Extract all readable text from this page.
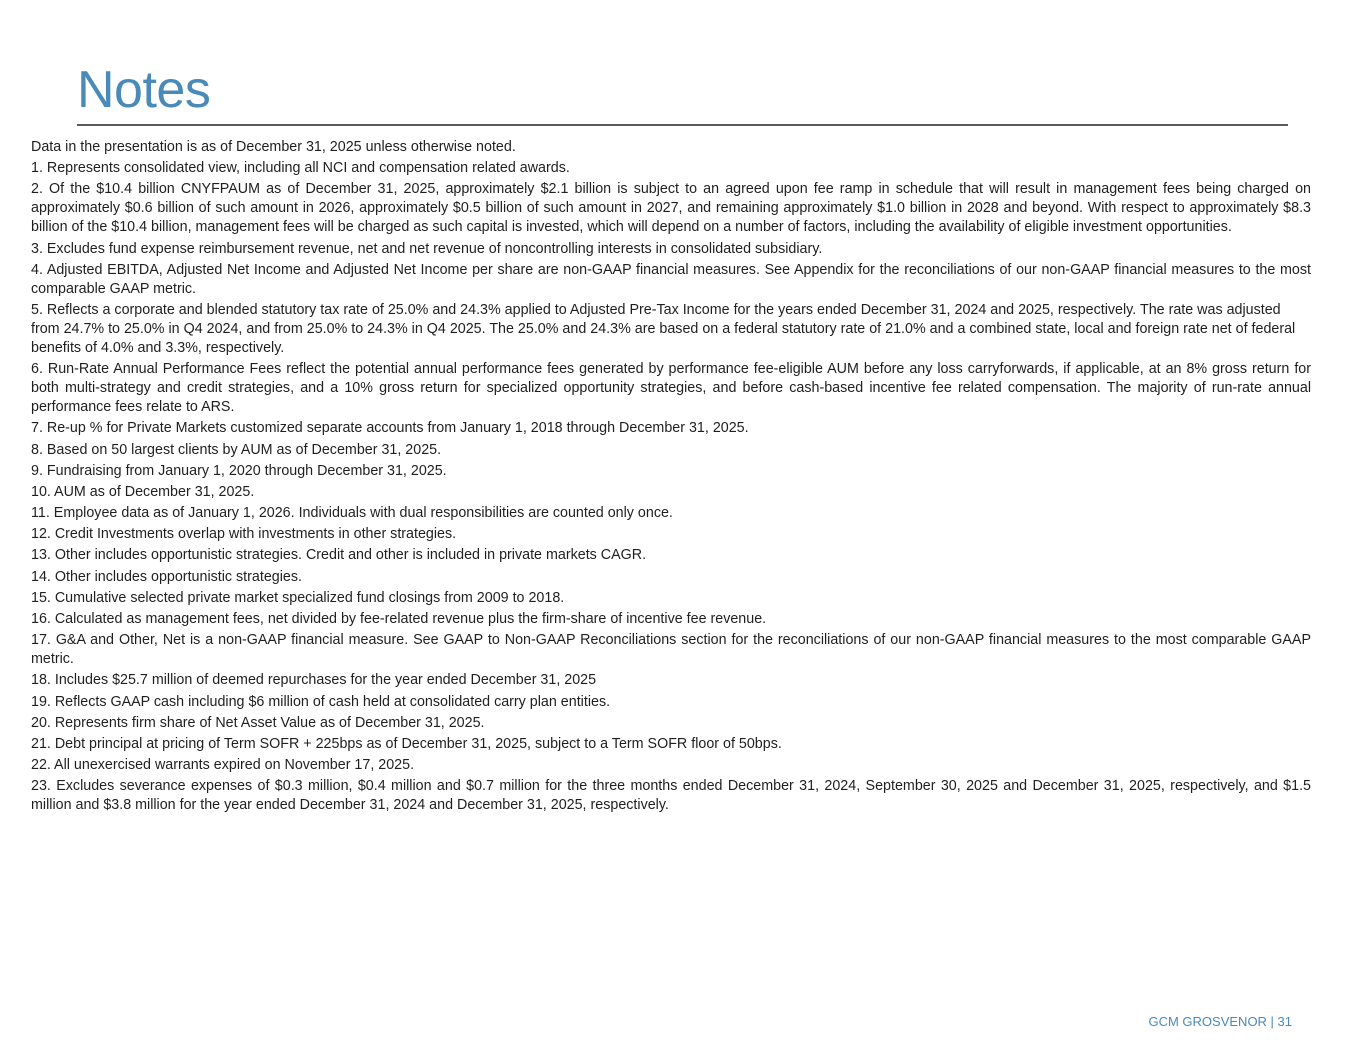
Notes

Data in the presentation is as of December 31, 2025 unless otherwise noted.

1. Represents consolidated view, including all NCI and compensation related awards.

2. Of the $10.4 billion CNYFPAUM as of December 31, 2025, approximately $2.1 billion is subject to an agreed upon fee ramp in schedule that will result in management fees being charged on approximately $0.6 billion of such amount in 2026, approximately $0.5 billion of such amount in 2027, and remaining approximately $1.0 billion in 2028 and beyond. With respect to approximately $8.3 billion of the $10.4 billion, management fees will be charged as such capital is invested, which will depend on a number of factors, including the availability of eligible investment opportunities.

3. Excludes fund expense reimbursement revenue, net and net revenue of noncontrolling interests in consolidated subsidiary.

4. Adjusted EBITDA, Adjusted Net Income and Adjusted Net Income per share are non-GAAP financial measures. See Appendix for the reconciliations of our non-GAAP financial measures to the most comparable GAAP metric.

5. Reflects a corporate and blended statutory tax rate of 25.0% and 24.3% applied to Adjusted Pre-Tax Income for the years ended December 31, 2024 and 2025, respectively. The rate was adjusted from 24.7% to 25.0% in Q4 2024, and from 25.0% to 24.3% in Q4 2025. The 25.0% and 24.3% are based on a federal statutory rate of 21.0% and a combined state, local and foreign rate net of federal benefits of 4.0% and 3.3%, respectively.

6. Run-Rate Annual Performance Fees reflect the potential annual performance fees generated by performance fee-eligible AUM before any loss carryforwards, if applicable, at an 8% gross return for both multi-strategy and credit strategies, and a 10% gross return for specialized opportunity strategies, and before cash-based incentive fee related compensation. The majority of run-rate annual performance fees relate to ARS.

7. Re-up % for Private Markets customized separate accounts from January 1, 2018 through December 31, 2025.

8. Based on 50 largest clients by AUM as of December 31, 2025.

9. Fundraising from January 1, 2020 through December 31, 2025.

10. AUM as of December 31, 2025.

11. Employee data as of January 1, 2026. Individuals with dual responsibilities are counted only once.

12. Credit Investments overlap with investments in other strategies.

13. Other includes opportunistic strategies. Credit and other is included in private markets CAGR.

14. Other includes opportunistic strategies.

15. Cumulative selected private market specialized fund closings from 2009 to 2018.

16. Calculated as management fees, net divided by fee-related revenue plus the firm-share of incentive fee revenue.

17. G&A and Other, Net is a non-GAAP financial measure. See GAAP to Non-GAAP Reconciliations section for the reconciliations of our non-GAAP financial measures to the most comparable GAAP metric.

18. Includes $25.7 million of deemed repurchases for the year ended December 31, 2025

19. Reflects GAAP cash including $6 million of cash held at consolidated carry plan entities.

20. Represents firm share of Net Asset Value as of December 31, 2025.

21. Debt principal at pricing of Term SOFR + 225bps as of December 31, 2025, subject to a Term SOFR floor of 50bps.

22. All unexercised warrants expired on November 17, 2025.

23. Excludes severance expenses of $0.3 million, $0.4 million and $0.7 million for the three months ended December 31, 2024, September 30, 2025 and December 31, 2025, respectively, and $1.5 million and $3.8 million for the year ended December 31, 2024 and December 31, 2025, respectively.

GCM GROSVENOR | 31
